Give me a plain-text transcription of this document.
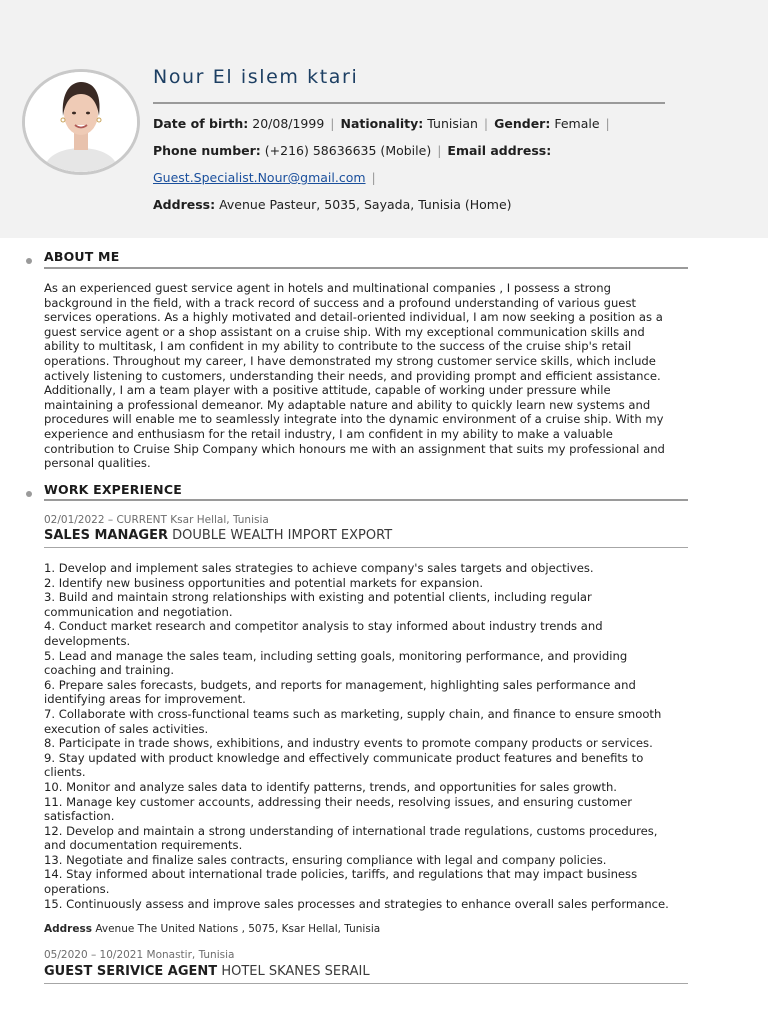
Nour El islem ktari
Date of birth: 20/08/1999 | Nationality: Tunisian | Gender: Female |
Phone number: (+216) 58636635 (Mobile) | Email address:
Guest.Specialist.Nour@gmail.com |
Address: Avenue Pasteur, 5035, Sayada, Tunisia (Home)
ABOUT ME
As an experienced guest service agent in hotels and multinational companies , I possess a strong
background in the field, with a track record of success and a profound understanding of various guest
services operations. As a highly motivated and detail-oriented individual, I am now seeking a position as a
guest service agent or a shop assistant on a cruise ship. With my exceptional communication skills and
ability to multitask, I am confident in my ability to contribute to the success of the cruise ship's retail
operations. Throughout my career, I have demonstrated my strong customer service skills, which include
actively listening to customers, understanding their needs, and providing prompt and efficient assistance.
Additionally, I am a team player with a positive attitude, capable of working under pressure while
maintaining a professional demeanor. My adaptable nature and ability to quickly learn new systems and
procedures will enable me to seamlessly integrate into the dynamic environment of a cruise ship. With my
experience and enthusiasm for the retail industry, I am confident in my ability to make a valuable
contribution to Cruise Ship Company which honours me with an assignment that suits my professional and
personal qualities.
WORK EXPERIENCE
02/01/2022 – CURRENT Ksar Hellal, Tunisia
SALES MANAGER DOUBLE WEALTH IMPORT EXPORT
1. Develop and implement sales strategies to achieve company's sales targets and objectives.
2. Identify new business opportunities and potential markets for expansion.
3. Build and maintain strong relationships with existing and potential clients, including regular
communication and negotiation.
4. Conduct market research and competitor analysis to stay informed about industry trends and
developments.
5. Lead and manage the sales team, including setting goals, monitoring performance, and providing
coaching and training.
6. Prepare sales forecasts, budgets, and reports for management, highlighting sales performance and
identifying areas for improvement.
7. Collaborate with cross-functional teams such as marketing, supply chain, and finance to ensure smooth
execution of sales activities.
8. Participate in trade shows, exhibitions, and industry events to promote company products or services.
9. Stay updated with product knowledge and effectively communicate product features and benefits to
clients.
10. Monitor and analyze sales data to identify patterns, trends, and opportunities for sales growth.
11. Manage key customer accounts, addressing their needs, resolving issues, and ensuring customer
satisfaction.
12. Develop and maintain a strong understanding of international trade regulations, customs procedures,
and documentation requirements.
13. Negotiate and finalize sales contracts, ensuring compliance with legal and company policies.
14. Stay informed about international trade policies, tariffs, and regulations that may impact business
operations.
15. Continuously assess and improve sales processes and strategies to enhance overall sales performance.
Address Avenue The United Nations , 5075, Ksar Hellal, Tunisia
05/2020 – 10/2021 Monastir, Tunisia
GUEST SERIVICE AGENT HOTEL SKANES SERAIL
